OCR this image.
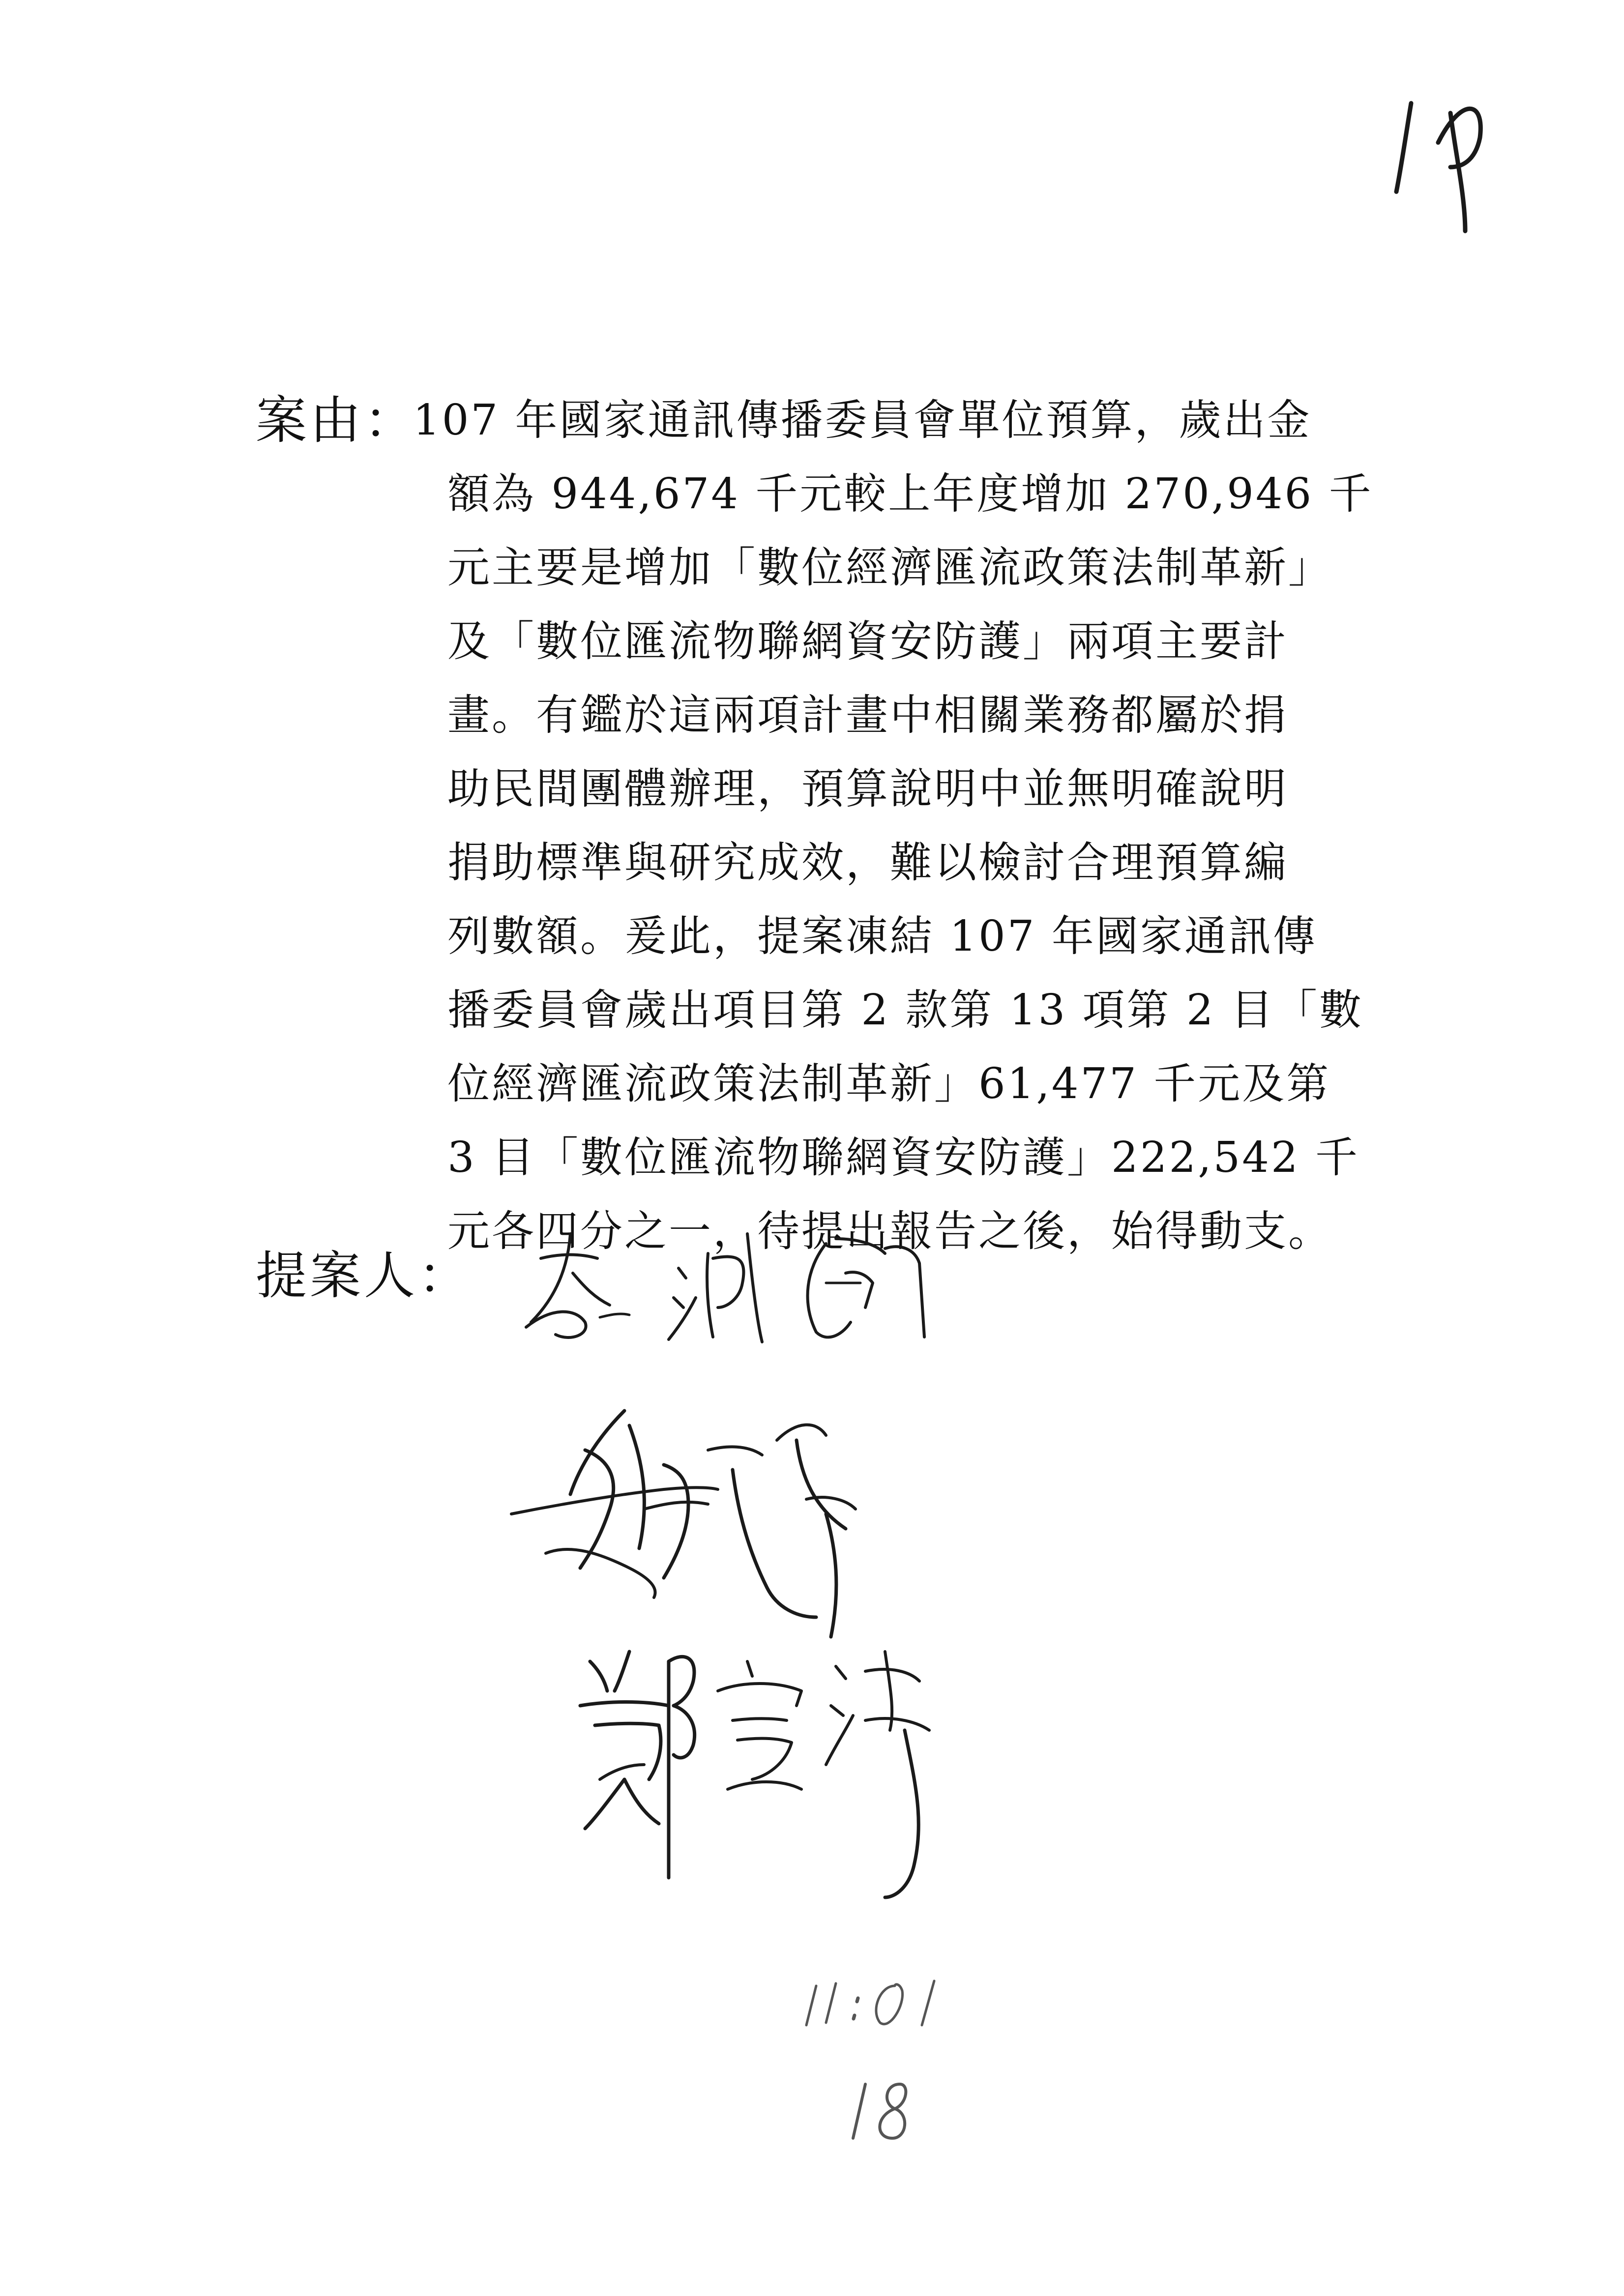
案由：
107 年國家通訊傳播委員會單位預算，歲出金
額為 944,674 千元較上年度增加 270,946 千
元主要是增加「數位經濟匯流政策法制革新」
及「數位匯流物聯網資安防護」兩項主要計
畫。有鑑於這兩項計畫中相關業務都屬於捐
助民間團體辦理，預算說明中並無明確說明
捐助標準與研究成效，難以檢討合理預算編
列數額。爰此，提案凍結 107 年國家通訊傳
播委員會歲出項目第 2 款第 13 項第 2 目「數
位經濟匯流政策法制革新」61,477 千元及第
3 目「數位匯流物聯網資安防護」222,542 千
元各四分之一，待提出報告之後，始得動支。
提案人：
